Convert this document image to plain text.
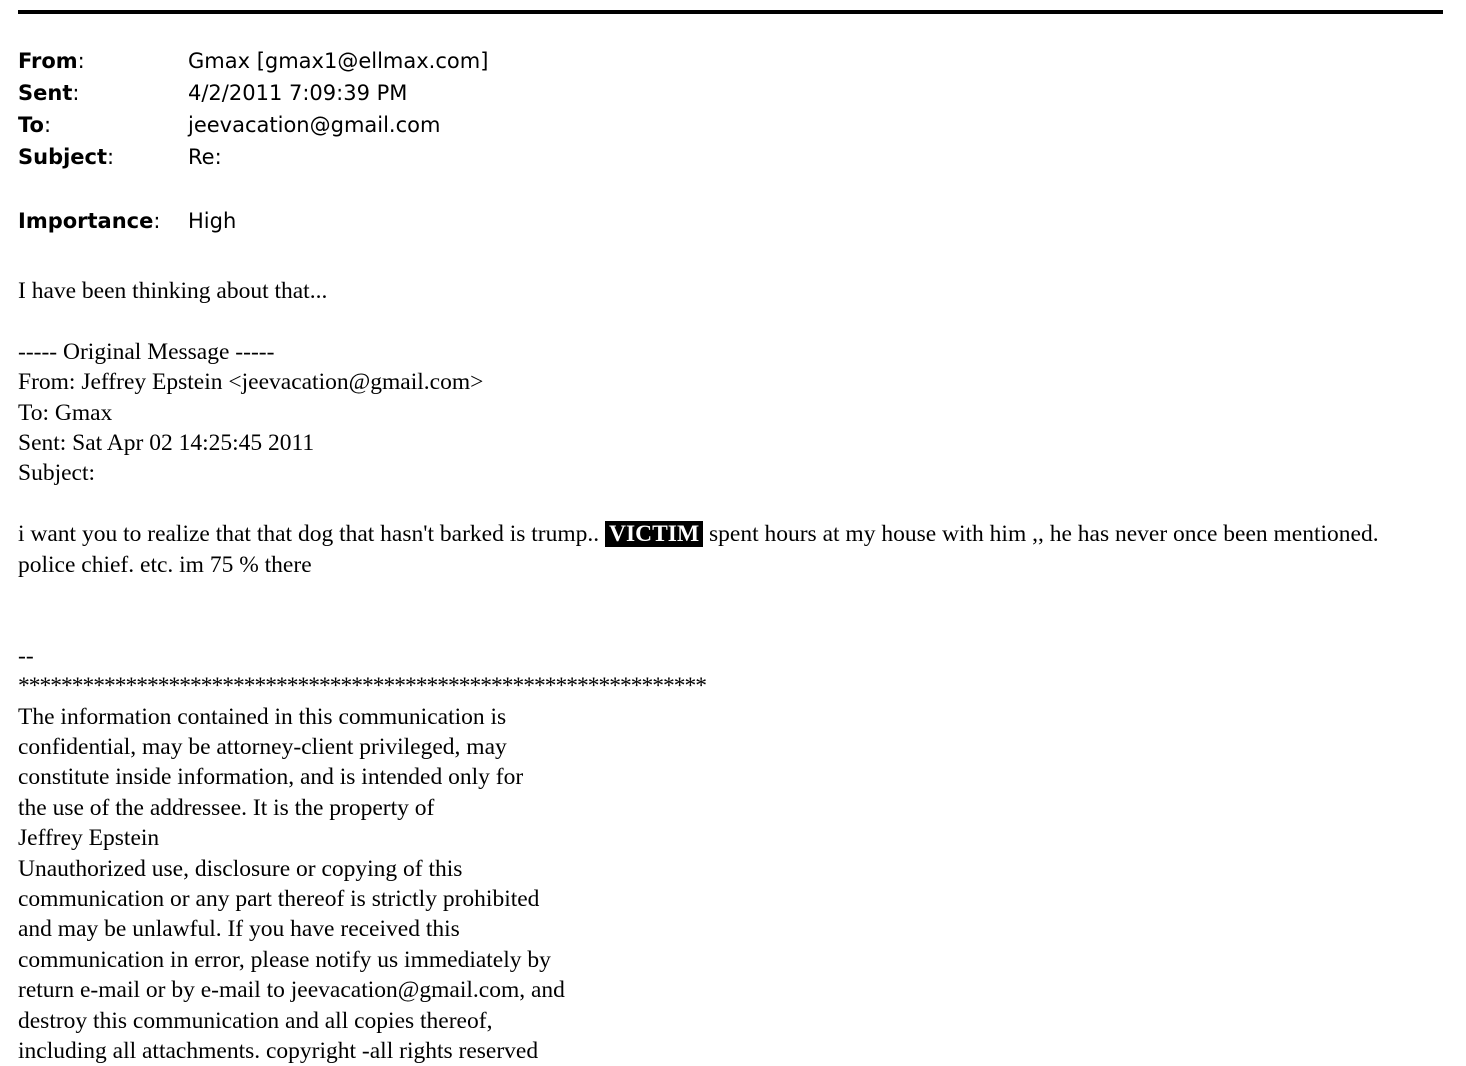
From:	Gmax [gmax1@ellmax.com]
Sent:	4/2/2011 7:09:39 PM
To:	jeevacation@gmail.com
Subject:	Re:
Importance:	High
I have been thinking about that...
----- Original Message -----
From: Jeffrey Epstein <jeevacation@gmail.com>
To: Gmax
Sent: Sat Apr 02 14:25:45 2011
Subject:
i want you to realize that that dog that hasn't barked is trump.. VICTIM spent hours at my house with him ,, he has never once been mentioned. police chief. etc. im 75 % there
--
****************************************************************
The information contained in this communication is
confidential, may be attorney-client privileged, may
constitute inside information, and is intended only for
the use of the addressee. It is the property of
Jeffrey Epstein
Unauthorized use, disclosure or copying of this
communication or any part thereof is strictly prohibited
and may be unlawful. If you have received this
communication in error, please notify us immediately by
return e-mail or by e-mail to jeevacation@gmail.com, and
destroy this communication and all copies thereof,
including all attachments. copyright -all rights reserved
